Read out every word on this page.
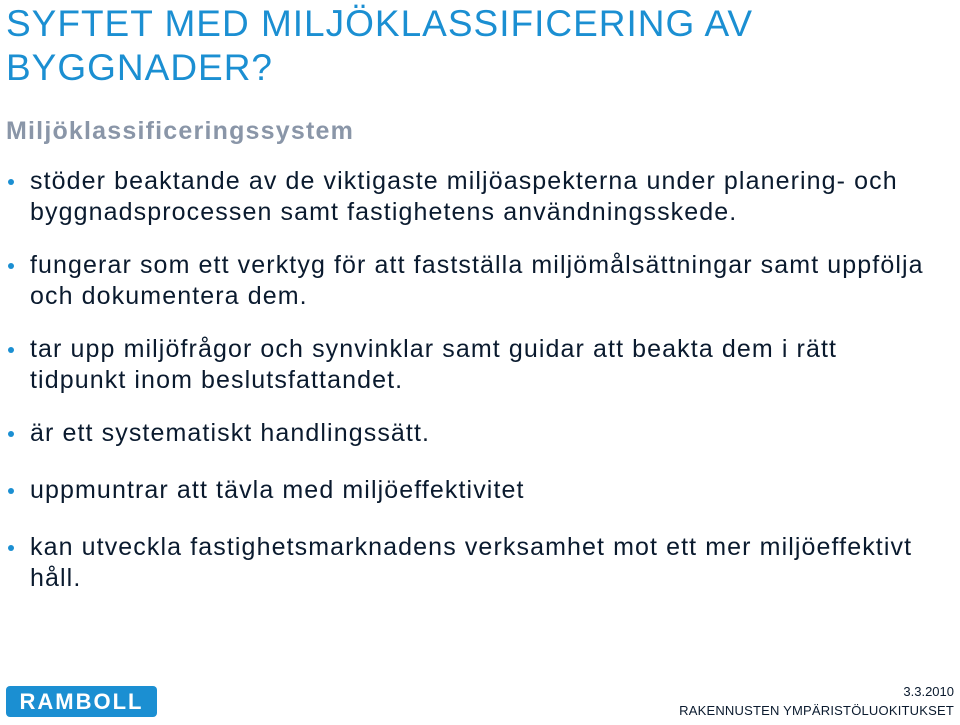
SYFTET MED MILJÖKLASSIFICERING AV BYGGNADER?
Miljöklassificeringssystem
stöder beaktande av de viktigaste miljöaspekterna under planering- och byggnadsprocessen samt fastighetens användningsskede.
fungerar som ett verktyg för att fastställa miljömålsättningar samt uppfölja och dokumentera dem.
tar upp miljöfrågor och synvinklar samt guidar att beakta dem i rätt tidpunkt inom beslutsfattandet.
är ett systematiskt handlingssätt.
uppmuntrar att tävla med miljöeffektivitet
kan utveckla fastighetsmarknadens verksamhet mot ett mer miljöeffektivt håll.
RAMBOLL	3.3.2010
RAKENNUSTEN YMPÄRISTÖLUOKITUKSET
